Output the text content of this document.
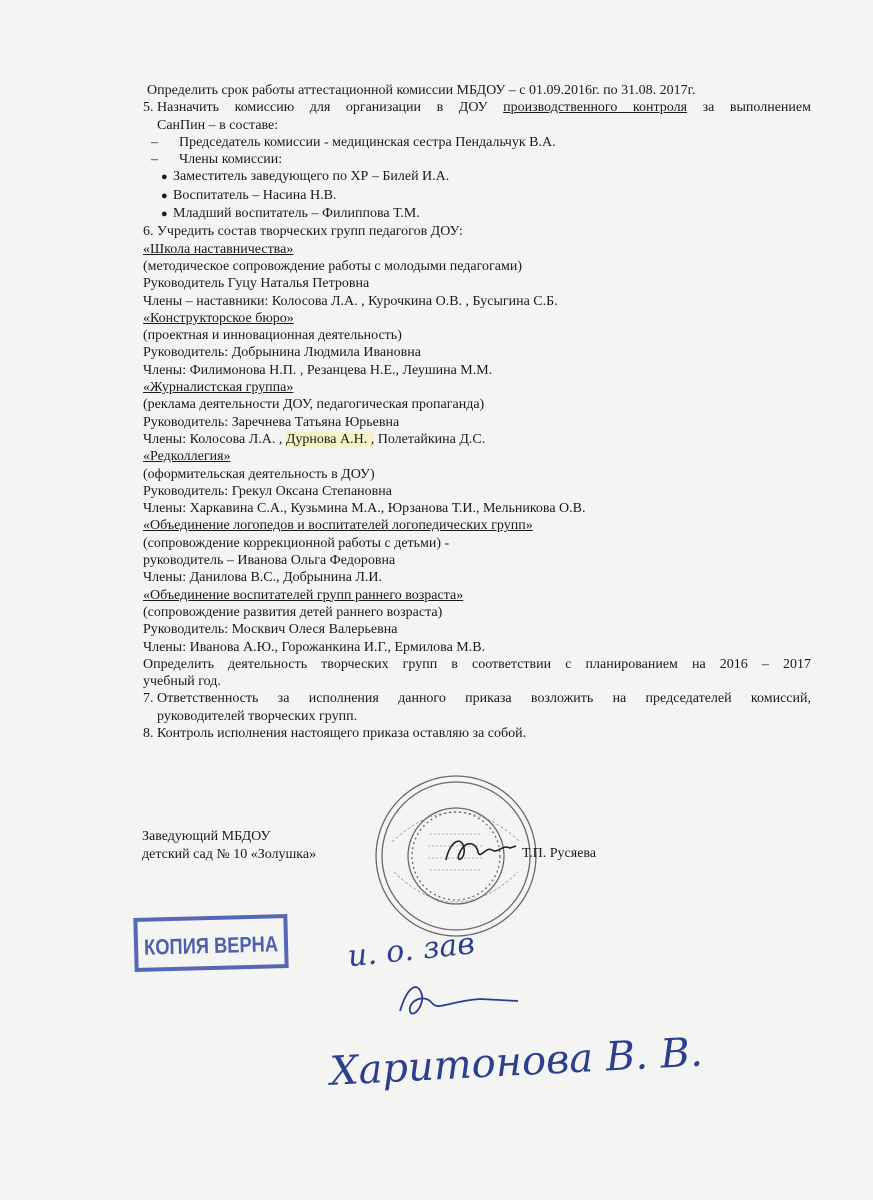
Определить срок работы аттестационной комиссии МБДОУ – с 01.09.2016г. по 31.08. 2017г.
5. Назначить комиссию для организации в ДОУ производственного контроля за выполнением
СанПин – в составе:
– Председатель комиссии - медицинская сестра Пендальчук В.А.
– Члены комиссии:
● Заместитель заведующего по ХР – Билей И.А.
● Воспитатель – Насина Н.В.
● Младший воспитатель – Филиппова Т.М.
6. Учредить состав творческих групп педагогов ДОУ:
«Школа наставничества»
(методическое сопровождение работы с молодыми педагогами)
Руководитель Гуцу Наталья Петровна
Члены – наставники: Колосова Л.А. , Курочкина О.В. , Бусыгина С.Б.
«Конструкторское бюро»
(проектная и инновационная деятельность)
Руководитель: Добрынина Людмила Ивановна
Члены: Филимонова Н.П. , Резанцева Н.Е., Леушина М.М.
«Журналистская группа»
(реклама деятельности ДОУ, педагогическая пропаганда)
Руководитель: Заречнева Татьяна Юрьевна
Члены: Колосова Л.А. , Дурнова А.Н. , Полетайкина Д.С.
«Редколлегия»
(оформительская деятельность в ДОУ)
Руководитель: Грекул Оксана Степановна
Члены: Харкавина С.А., Кузьмина М.А., Юрзанова Т.И., Мельникова О.В.
«Объединение логопедов и воспитателей логопедических групп»
(сопровождение коррекционной работы с детьми) -
руководитель – Иванова Ольга Федоровна
Члены: Данилова В.С., Добрынина Л.И.
«Объединение воспитателей групп раннего возраста»
(сопровождение развития детей раннего возраста)
Руководитель: Москвич Олеся Валерьевна
Члены: Иванова А.Ю., Горожанкина И.Г., Ермилова М.В.
Определить деятельность творческих групп в соответствии с планированием на 2016 – 2017
учебный год.
7. Ответственность за исполнения данного приказа возложить на председателей комиссий,
руководителей творческих групп.
8. Контроль исполнения настоящего приказа оставляю за собой.
Заведующий МБДОУ
детский сад № 10 «Золушка»	Т.П. Русяева
КОПИЯ ВЕРНА и. о. зав
Харитонова В. В.
